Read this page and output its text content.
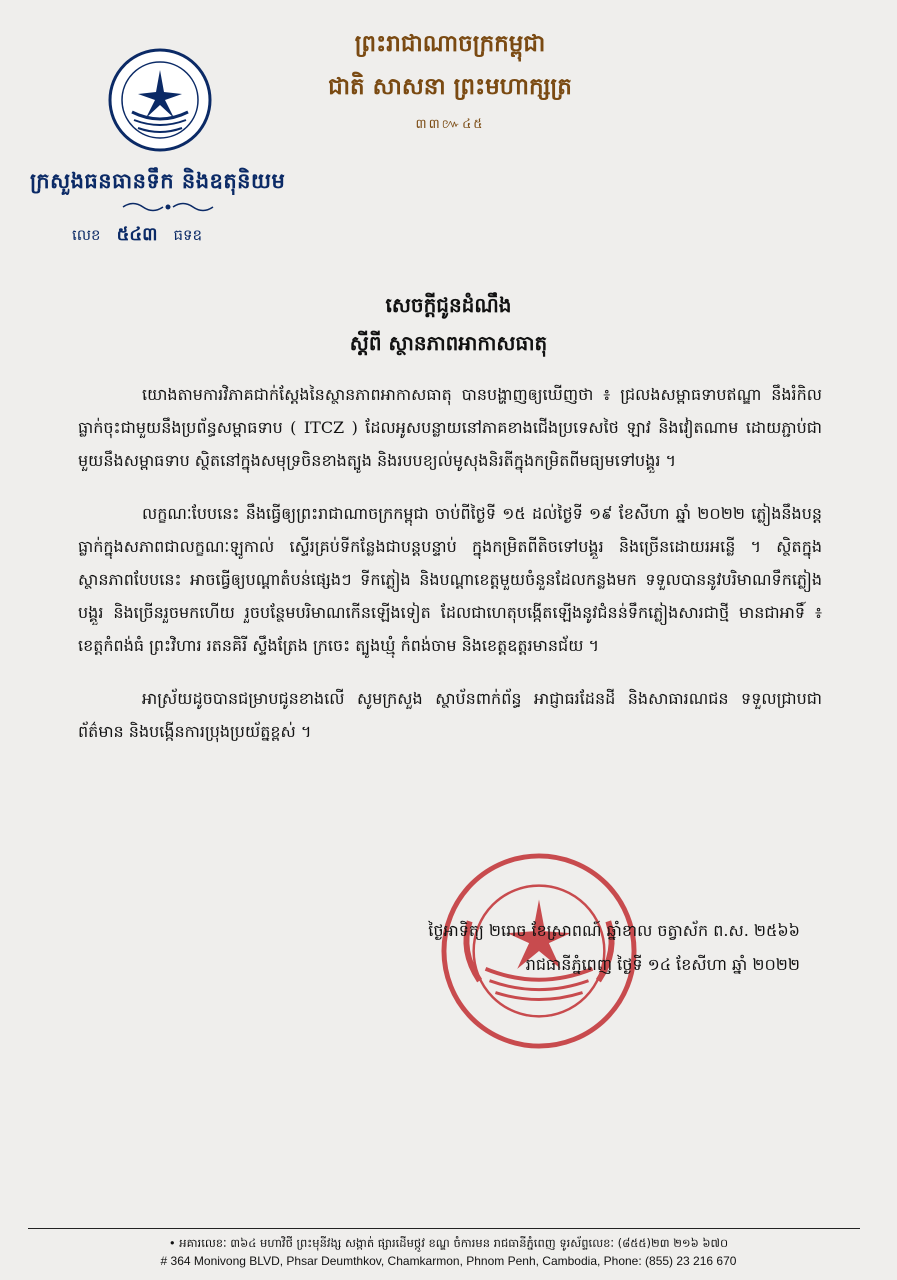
ក្រសួងធនធានទឹក និងឧតុនិយម
លេខ ៥៤៣ ធទឧ
ព្រះរាជាណាចក្រកម្ពុជា
ជាតិ សាសនា ព្រះមហាក្សត្រ
៣៣៚៤៥
សេចក្តីជូនដំណឹង
ស្តីពី ស្ថានភាពអាកាសធាតុ

យោងតាមការវិភាគជាក់ស្តែងនៃស្ថានភាពអាកាសធាតុ បានបង្ហាញឲ្យឃើញថា ៖ ជ្រលងសម្ពាធទាបឥណ្ឌា នឹងរំកិលធ្លាក់ចុះជាមួយនឹងប្រព័ន្ធសម្ពាធទាប ( ITCZ ) ដែលអូសបន្លាយនៅភាគខាងជើងប្រទេសថៃ ឡាវ និងវៀតណាម ដោយភ្ជាប់ជាមួយនឹងសម្ពាធទាប ស្ថិតនៅក្នុងសមុទ្រចិនខាងត្បូង និងរបបខ្យល់មូសុងនិរតីក្នុងកម្រិតពីមធ្យមទៅបង្គួរ ។

លក្ខណៈបែបនេះ នឹងធ្វើឲ្យព្រះរាជាណាចក្រកម្ពុជា ចាប់ពីថ្ងៃទី ១៥ ដល់ថ្ងៃទី ១៩ ខែសីហា ឆ្នាំ ២០២២ ភ្លៀងនឹងបន្តធ្លាក់ក្នុងសភាពជាលក្ខណៈឡូកាល់ ស្ទើរគ្រប់ទីកន្លែងជាបន្តបន្ទាប់ ក្នុងកម្រិតពីតិចទៅបង្គួរ និងច្រើនដោយរអន្លើ ។ ស្ថិតក្នុងស្ថានភាពបែបនេះ អាចធ្វើឲ្យបណ្តាតំបន់ផ្សេងៗ ទីកភ្លៀង និងបណ្តាខេត្តមួយចំនួនដែលកន្លងមក ទទួលបាននូវបរិមាណទឹកភ្លៀងបង្គួរ និងច្រើនរួចមកហើយ រួចបន្ថែមបរិមាណកើនឡើងទៀត ដែលជាហេតុបង្កើតឡើងនូវជំនន់ទឹកភ្លៀងសារជាថ្មី មានជាអាទិ៍ ៖ ខេត្តកំពង់ធំ ព្រះវិហារ រតនគិរី ស្ទឹងត្រែង ក្រចេះ ត្បូងឃ្មុំ កំពង់ចាម និងខេត្តឧត្តរមានជ័យ ។

អាស្រ័យដូចបានជម្រាបជូនខាងលើ សូមក្រសួង ស្ថាប័នពាក់ព័ន្ធ អាជ្ញាធរដែនដី និងសាធារណជន ទទួលជ្រាបជាព័ត៌មាន និងបង្កើនការប្រុងប្រយ័ត្នខ្ពស់ ។

ថ្ងៃអាទិត្យ ២រោច ខែស្រាពណ៍ ឆ្នាំខាល ចត្វាស័ក ព.ស. ២៥៦៦
រាជធានីភ្នំពេញ ថ្ងៃទី ១៤ ខែសីហា ឆ្នាំ ២០២២
• អគារលេខៈ ៣៦៤ មហាវិថី ព្រះមុនីវង្ស សង្កាត់ ផ្សារដើមថ្កូវ ខណ្ឌ ចំការមន រាជធានីភ្នំពេញ ទូរស័ព្ទលេខៈ (៨៥៥)២៣ ២១៦ ៦៧០
# 364 Monivong BLVD, Phsar Deumthkov, Chamkarmon, Phnom Penh, Cambodia, Phone: (855) 23 216 670
